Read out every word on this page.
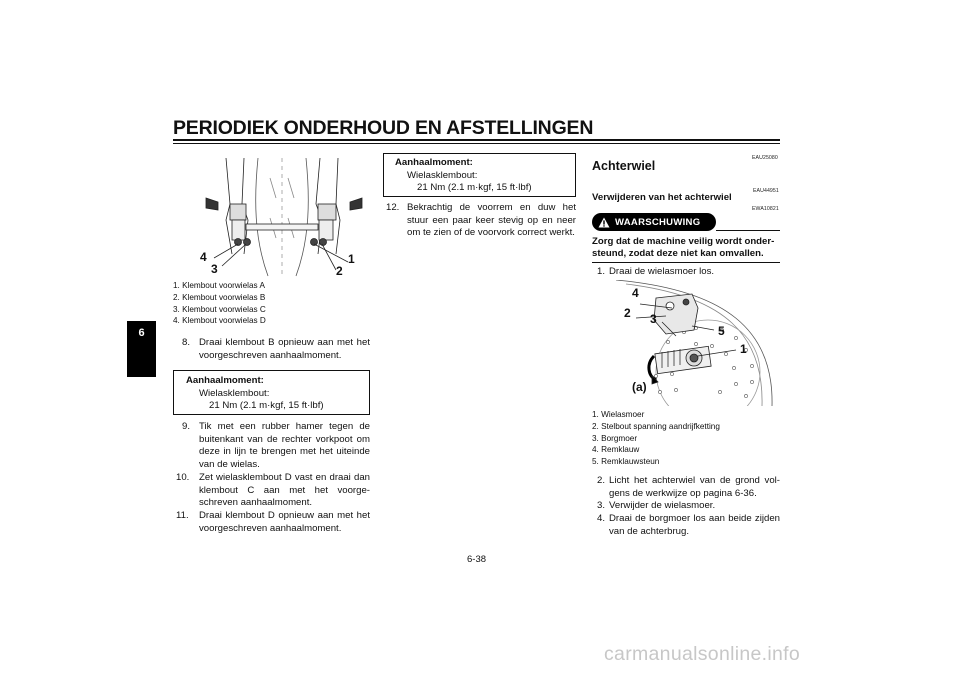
PERIODIEK ONDERHOUD EN AFSTELLINGEN
6
4
3
1
2
1. Klembout voorwielas A
2. Klembout voorwielas B
3. Klembout voorwielas C
4. Klembout voorwielas D
8. Draai klembout B opnieuw aan met het voorgeschreven aanhaalmoment.
Aanhaalmoment:
Wielasklembout:
21 Nm (2.1 m·kgf, 15 ft·lbf)
9. Tik met een rubber hamer tegen de buitenkant van de rechter vorkpoot om deze in lijn te brengen met het uiteinde van de wielas.
10. Zet wielasklembout D vast en draai dan klembout C aan met het voorgeschreven aanhaalmoment.
11. Draai klembout D opnieuw aan met het voorgeschreven aanhaalmoment.
Aanhaalmoment:
Wielasklembout:
21 Nm (2.1 m·kgf, 15 ft·lbf)
12. Bekrachtig de voorrem en duw het stuur een paar keer stevig op en neer om te zien of de voorvork correct werkt.
EAU25080
Achterwiel
EAU44951
Verwijderen van het achterwiel
EWA10821
WAARSCHUWING
Zorg dat de machine veilig wordt onder-
steund, zodat deze niet kan omvallen.
1. Draai de wielasmoer los.
4
2 3
5
1
(a)
1. Wielasmoer
2. Stelbout spanning aandrijfketting
3. Borgmoer
4. Remklauw
5. Remklauwsteun
2. Licht het achterwiel van de grond volgens de werkwijze op pagina 6-36.
3. Verwijder de wielasmoer.
4. Draai de borgmoer los aan beide zijden van de achterbrug.
6-38
carmanualsonline.info
